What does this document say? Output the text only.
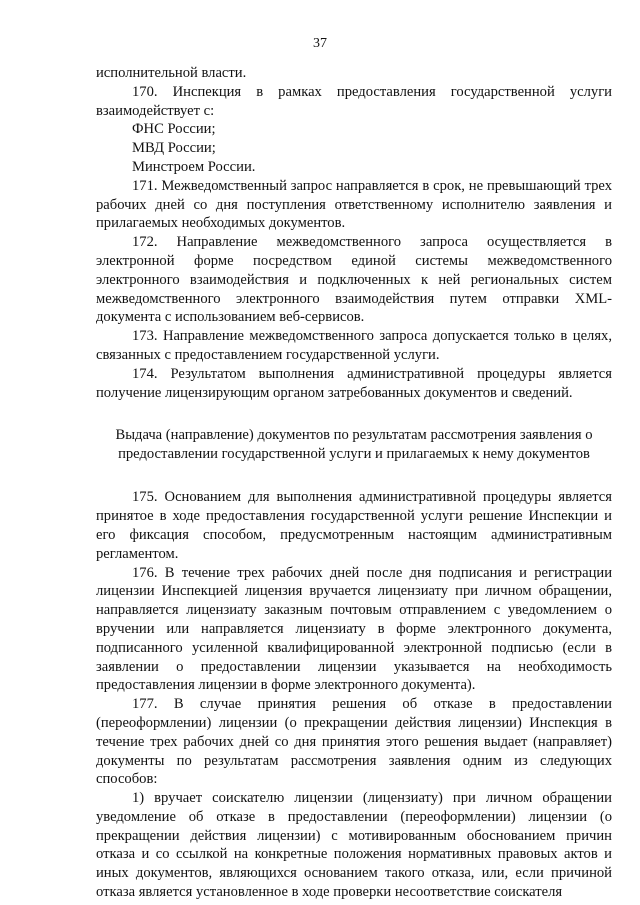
37

исполнительной власти.

170. Инспекция в рамках предоставления государственной услуги взаимодействует с:

ФНС России;

МВД России;

Минстроем России.

171. Межведомственный запрос направляется в срок, не превышающий трех рабочих дней со дня поступления ответственному исполнителю заявления и прилагаемых необходимых документов.

172. Направление межведомственного запроса осуществляется в электронной форме посредством единой системы межведомственного электронного взаимодействия и подключенных к ней региональных систем межведомственного электронного взаимодействия путем отправки XML-документа с использованием веб-сервисов.

173. Направление межведомственного запроса допускается только в целях, связанных с предоставлением государственной услуги.

174. Результатом выполнения административной процедуры является получение лицензирующим органом затребованных документов и сведений.

Выдача (направление) документов по результатам рассмотрения заявления о предоставлении государственной услуги и прилагаемых к нему документов

175. Основанием для выполнения административной процедуры является принятое в ходе предоставления государственной услуги решение Инспекции и его фиксация способом, предусмотренным настоящим административным регламентом.

176. В течение трех рабочих дней после дня подписания и регистрации лицензии Инспекцией лицензия вручается лицензиату при личном обращении, направляется лицензиату заказным почтовым отправлением с уведомлением о вручении или направляется лицензиату в форме электронного документа, подписанного усиленной квалифицированной электронной подписью (если в заявлении о предоставлении лицензии указывается на необходимость предоставления лицензии в форме электронного документа).

177. В случае принятия решения об отказе в предоставлении (переоформлении) лицензии (о прекращении действия лицензии) Инспекция в течение трех рабочих дней со дня принятия этого решения выдает (направляет) документы по результатам рассмотрения заявления одним из следующих способов:

1) вручает соискателю лицензии (лицензиату) при личном обращении уведомление об отказе в предоставлении (переоформлении) лицензии (о прекращении действия лицензии) с мотивированным обоснованием причин отказа и со ссылкой на конкретные положения нормативных правовых актов и иных документов, являющихся основанием такого отказа, или, если причиной отказа является установленное в ходе проверки несоответствие соискателя
